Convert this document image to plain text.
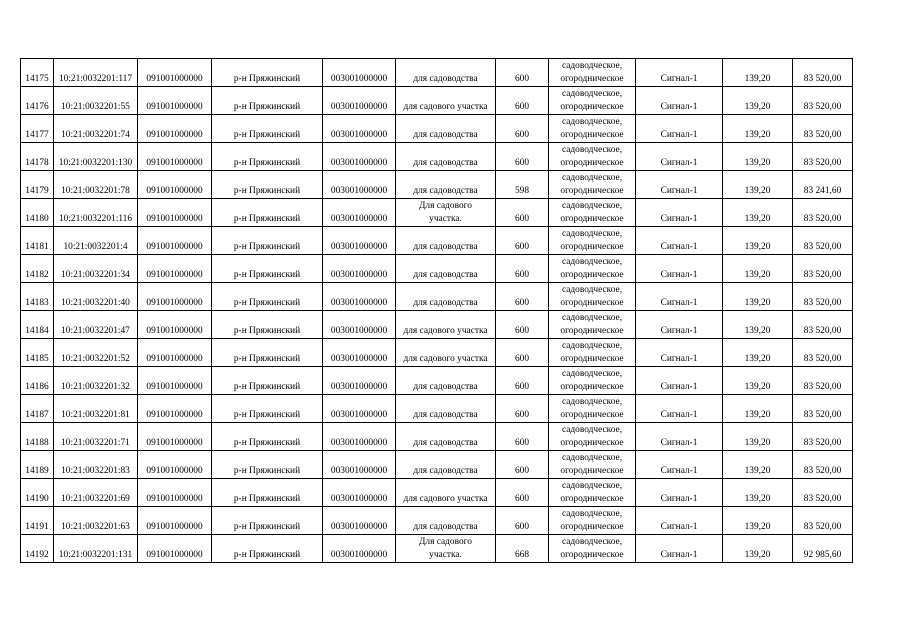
14175	10:21:0032201:117	091001000000	р-н Пряжинский	003001000000	для садоводства	600	садоводческое,
огородническое	Сигнал-1	139,20	83 520,00
14176	10:21:0032201:55	091001000000	р-н Пряжинский	003001000000	для садового участка	600	садоводческое,
огородническое	Сигнал-1	139,20	83 520,00
14177	10:21:0032201:74	091001000000	р-н Пряжинский	003001000000	для садоводства	600	садоводческое,
огородническое	Сигнал-1	139,20	83 520,00
14178	10:21:0032201:130	091001000000	р-н Пряжинский	003001000000	для садоводства	600	садоводческое,
огородническое	Сигнал-1	139,20	83 520,00
14179	10:21:0032201:78	091001000000	р-н Пряжинский	003001000000	для садоводства	598	садоводческое,
огородническое	Сигнал-1	139,20	83 241,60
14180	10:21:0032201:116	091001000000	р-н Пряжинский	003001000000	Для садового
участка.	600	садоводческое,
огородническое	Сигнал-1	139,20	83 520,00
14181	10:21:0032201:4	091001000000	р-н Пряжинский	003001000000	для садоводства	600	садоводческое,
огородническое	Сигнал-1	139,20	83 520,00
14182	10:21:0032201:34	091001000000	р-н Пряжинский	003001000000	для садоводства	600	садоводческое,
огородническое	Сигнал-1	139,20	83 520,00
14183	10:21:0032201:40	091001000000	р-н Пряжинский	003001000000	для садоводства	600	садоводческое,
огородническое	Сигнал-1	139,20	83 520,00
14184	10:21:0032201:47	091001000000	р-н Пряжинский	003001000000	для садового участка	600	садоводческое,
огородническое	Сигнал-1	139,20	83 520,00
14185	10:21:0032201:52	091001000000	р-н Пряжинский	003001000000	для садового участка	600	садоводческое,
огородническое	Сигнал-1	139,20	83 520,00
14186	10:21:0032201:32	091001000000	р-н Пряжинский	003001000000	для садоводства	600	садоводческое,
огородническое	Сигнал-1	139,20	83 520,00
14187	10:21:0032201:81	091001000000	р-н Пряжинский	003001000000	для садоводства	600	садоводческое,
огородническое	Сигнал-1	139,20	83 520,00
14188	10:21:0032201:71	091001000000	р-н Пряжинский	003001000000	для садоводства	600	садоводческое,
огородническое	Сигнал-1	139,20	83 520,00
14189	10:21:0032201:83	091001000000	р-н Пряжинский	003001000000	для садоводства	600	садоводческое,
огородническое	Сигнал-1	139,20	83 520,00
14190	10:21:0032201:69	091001000000	р-н Пряжинский	003001000000	для садового участка	600	садоводческое,
огородническое	Сигнал-1	139,20	83 520,00
14191	10:21:0032201:63	091001000000	р-н Пряжинский	003001000000	для садоводства	600	садоводческое,
огородническое	Сигнал-1	139,20	83 520,00
14192	10:21:0032201:131	091001000000	р-н Пряжинский	003001000000	Для садового
участка.	668	садоводческое,
огородническое	Сигнал-1	139,20	92 985,60
